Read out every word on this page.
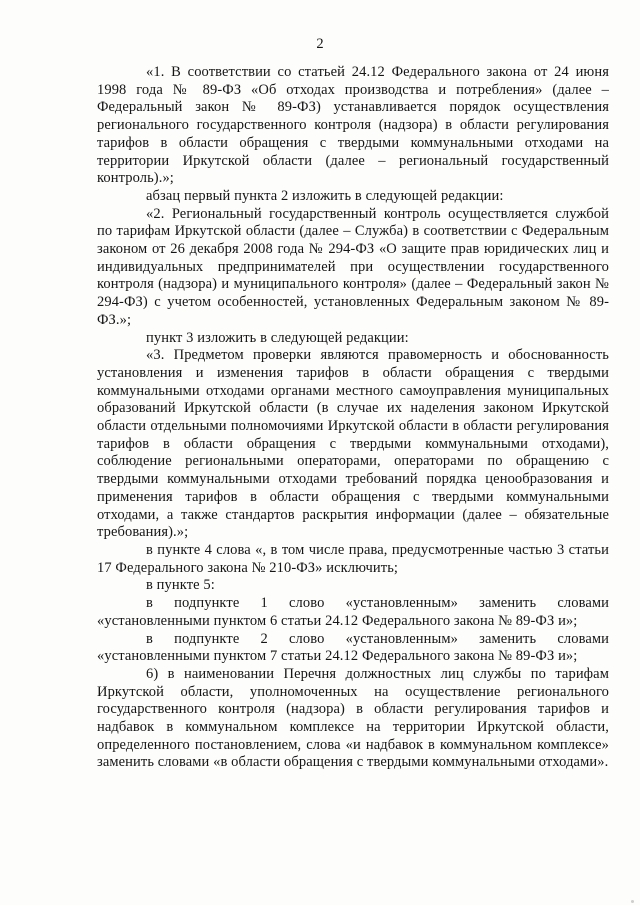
2

«1. В соответствии со статьей 24.12 Федерального закона от 24 июня 1998 года № 89-ФЗ «Об отходах производства и потребления» (далее – Федеральный закон № 89-ФЗ) устанавливается порядок осуществления регионального государственного контроля (надзора) в области регулирования тарифов в области обращения с твердыми коммунальными отходами на территории Иркутской области (далее – региональный государственный контроль).»;

абзац первый пункта 2 изложить в следующей редакции:

«2. Региональный государственный контроль осуществляется службой по тарифам Иркутской области (далее – Служба) в соответствии с Федеральным законом от 26 декабря 2008 года № 294-ФЗ «О защите прав юридических лиц и индивидуальных предпринимателей при осуществлении государственного контроля (надзора) и муниципального контроля» (далее – Федеральный закон № 294-ФЗ) с учетом особенностей, установленных Федеральным законом № 89-ФЗ.»;

пункт 3 изложить в следующей редакции:

«3. Предметом проверки являются правомерность и обоснованность установления и изменения тарифов в области обращения с твердыми коммунальными отходами органами местного самоуправления муниципальных образований Иркутской области (в случае их наделения законом Иркутской области отдельными полномочиями Иркутской области в области регулирования тарифов в области обращения с твердыми коммунальными отходами), соблюдение региональными операторами, операторами по обращению с твердыми коммунальными отходами требований порядка ценообразования и применения тарифов в области обращения с твердыми коммунальными отходами, а также стандартов раскрытия информации (далее – обязательные требования).»;

в пункте 4 слова «, в том числе права, предусмотренные частью 3 статьи 17 Федерального закона № 210-ФЗ» исключить;

в пункте 5:

в подпункте 1 слово «установленным» заменить словами «установленными пунктом 6 статьи 24.12 Федерального закона № 89-ФЗ и»;

в подпункте 2 слово «установленным» заменить словами «установленными пунктом 7 статьи 24.12 Федерального закона № 89-ФЗ и»;

6) в наименовании Перечня должностных лиц службы по тарифам Иркутской области, уполномоченных на осуществление регионального государственного контроля (надзора) в области регулирования тарифов и надбавок в коммунальном комплексе на территории Иркутской области, определенного постановлением, слова «и надбавок в коммунальном комплексе» заменить словами «в области обращения с твердыми коммунальными отходами».
